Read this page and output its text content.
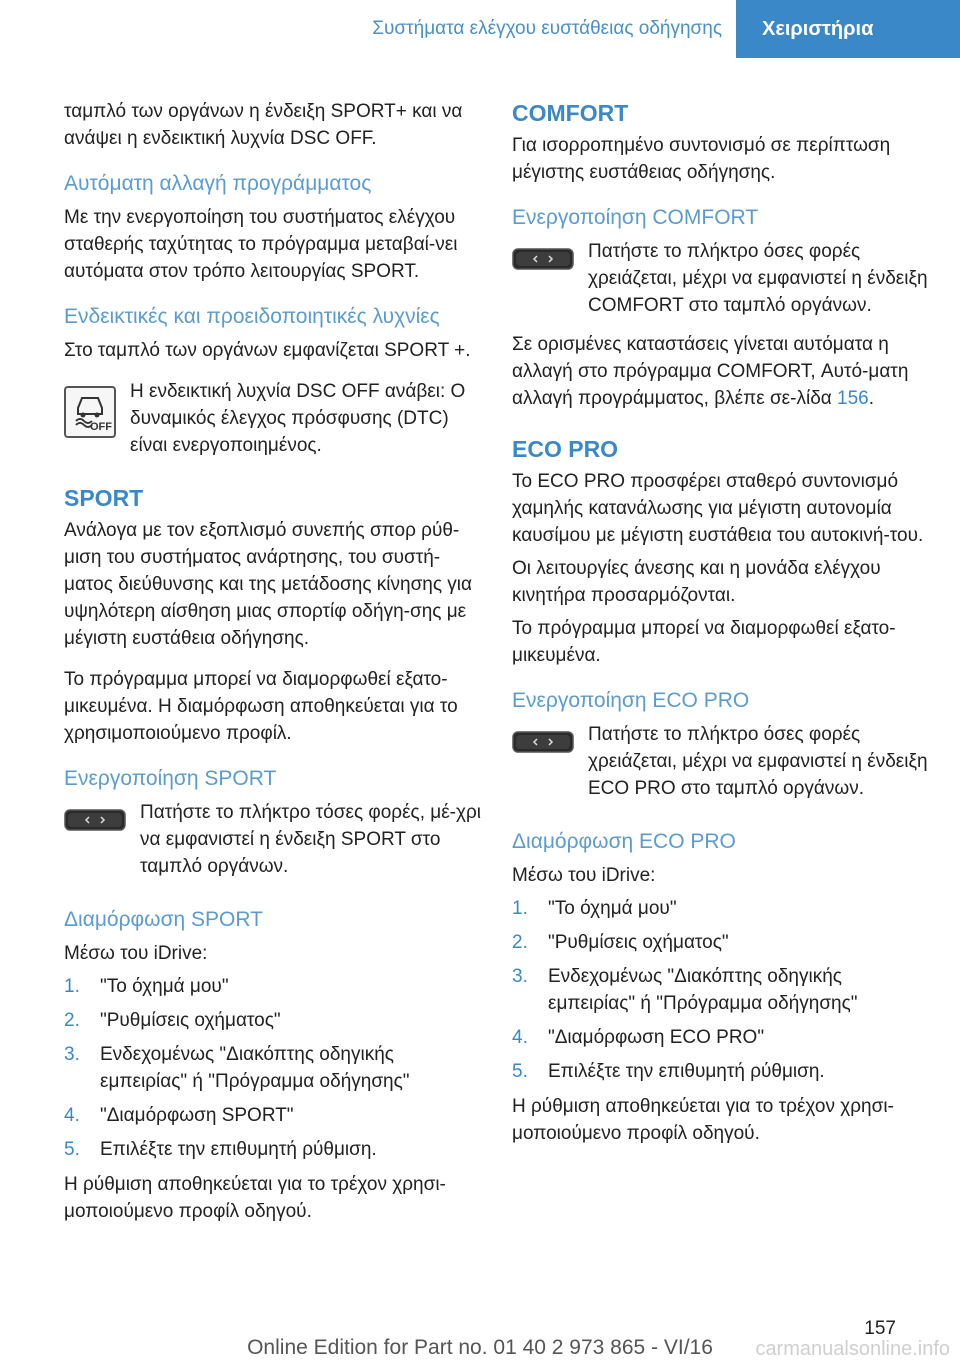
Συστήματα ελέγχου ευστάθειας οδήγησης	Χειριστήρια

ταμπλό των οργάνων η ένδειξη SPORT+ και να ανάψει η ενδεικτική λυχνία DSC OFF.

Αυτόματη αλλαγή προγράμματος

Με την ενεργοποίηση του συστήματος ελέγχου σταθερής ταχύτητας το πρόγραμμα μεταβαί-νει αυτόματα στον τρόπο λειτουργίας SPORT.

Ενδεικτικές και προειδοποιητικές λυχνίες

Στο ταμπλό των οργάνων εμφανίζεται SPORT +.

OFF
Η ενδεικτική λυχνία DSC OFF ανάβει: Ο δυναμικός έλεγχος πρόσφυσης (DTC) είναι ενεργοποιημένος.
SPORT

Ανάλογα με τον εξοπλισμό συνεπής σπορ ρύθ-μιση του συστήματος ανάρτησης, του συστή-ματος διεύθυνσης και της μετάδοσης κίνησης για υψηλότερη αίσθηση μιας σπορτίφ οδήγη-σης με μέγιστη ευστάθεια οδήγησης.

Το πρόγραμμα μπορεί να διαμορφωθεί εξατο-μικευμένα. Η διαμόρφωση αποθηκεύεται για το χρησιμοποιούμενο προφίλ.

Ενεργοποίηση SPORT
Πατήστε το πλήκτρο τόσες φορές, μέ-χρι να εμφανιστεί η ένδειξη SPORT στο ταμπλό οργάνων.
Διαμόρφωση SPORT

Μέσω του iDrive:

1.	"Το όχημά μου"
2.	"Ρυθμίσεις οχήματος"
3.	Ενδεχομένως "Διακόπτης οδηγικής εμπειρίας" ή "Πρόγραμμα οδήγησης"
4.	"Διαμόρφωση SPORT"
5.	Επιλέξτε την επιθυμητή ρύθμιση.

Η ρύθμιση αποθηκεύεται για το τρέχον χρησι-μοποιούμενο προφίλ οδηγού.

COMFORT

Για ισορροπημένο συντονισμό σε περίπτωση μέγιστης ευστάθειας οδήγησης.

Ενεργοποίηση COMFORT
Πατήστε το πλήκτρο όσες φορές χρειάζεται, μέχρι να εμφανιστεί η ένδειξη COMFORT στο ταμπλό οργάνων.

Σε ορισμένες καταστάσεις γίνεται αυτόματα η αλλαγή στο πρόγραμμα COMFORT, Αυτό-ματη αλλαγή προγράμματος, βλέπε σε-λίδα 156.

ECO PRO

Το ECO PRO προσφέρει σταθερό συντονισμό χαμηλής κατανάλωσης για μέγιστη αυτονομία καυσίμου με μέγιστη ευστάθεια του αυτοκινή-του.

Οι λειτουργίες άνεσης και η μονάδα ελέγχου κινητήρα προσαρμόζονται.

Το πρόγραμμα μπορεί να διαμορφωθεί εξατο-μικευμένα.

Ενεργοποίηση ECO PRO
Πατήστε το πλήκτρο όσες φορές χρειάζεται, μέχρι να εμφανιστεί η ένδειξη ECO PRO στο ταμπλό οργάνων.
Διαμόρφωση ECO PRO

Μέσω του iDrive:

1.	"Το όχημά μου"
2.	"Ρυθμίσεις οχήματος"
3.	Ενδεχομένως "Διακόπτης οδηγικής εμπειρίας" ή "Πρόγραμμα οδήγησης"
4.	"Διαμόρφωση ECO PRO"
5.	Επιλέξτε την επιθυμητή ρύθμιση.

Η ρύθμιση αποθηκεύεται για το τρέχον χρησι-μοποιούμενο προφίλ οδηγού.

157
Online Edition for Part no. 01 40 2 973 865 - VI/16	carmanualsonline.info
